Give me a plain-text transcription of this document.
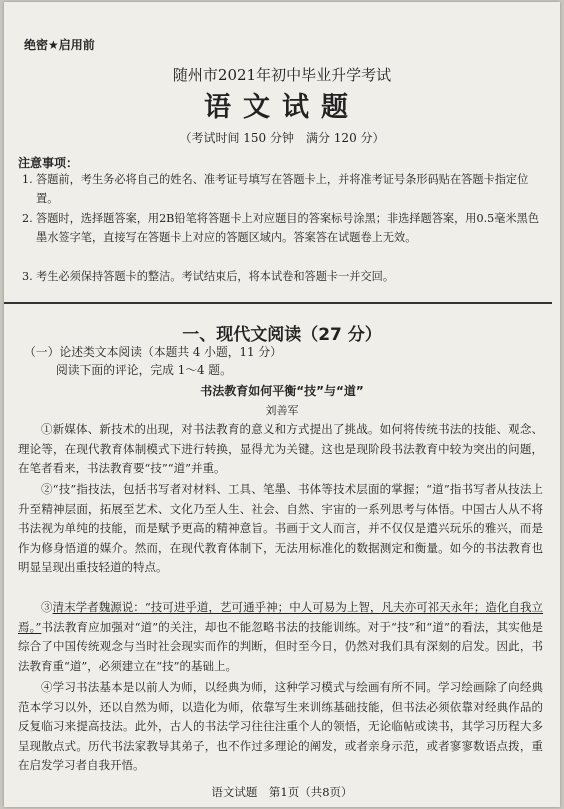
绝密★启用前
随州市2021年初中毕业升学考试
语文试题
（考试时间 150 分钟　满分 120 分）
注意事项：
1. 答题前，考生务必将自己的姓名、准考证号填写在答题卡上，并将准考证号条形码贴在答题卡指定位置。
2. 答题时，选择题答案，用2B铅笔将答题卡上对应题目的答案标号涂黑；非选择题答案，用0.5毫米黑色墨水签字笔，直接写在答题卡上对应的答题区域内。答案答在试题卷上无效。
3. 考生必须保持答题卡的整洁。考试结束后，将本试卷和答题卡一并交回。
一、现代文阅读（27 分）
（一）论述类文本阅读（本题共 4 小题，11 分）
阅读下面的评论，完成 1～4 题。
书法教育如何平衡“技”与“道”
刘善军
①新媒体、新技术的出现，对书法教育的意义和方式提出了挑战。如何将传统书法的技能、观念、理论等，在现代教育体制模式下进行转换，显得尤为关键。这也是现阶段书法教育中较为突出的问题，在笔者看来，书法教育要“技”“道”并重。
②“技”指技法，包括书写者对材料、工具、笔墨、书体等技术层面的掌握；“道”指书写者从技法上升至精神层面，拓展至艺术、文化乃至人生、社会、自然、宇宙的一系列思考与体悟。中国古人从不将书法视为单纯的技能，而是赋予更高的精神意旨。书画于文人而言，并不仅仅是遣兴玩乐的雅兴，而是作为修身悟道的媒介。然而，在现代教育体制下，无法用标准化的数据测定和衡量。如今的书法教育也明显呈现出重技轻道的特点。
③清末学者魏源说：“技可进乎道，艺可通乎神；中人可易为上智，凡夫亦可祁天永年；造化自我立焉。”书法教育应加强对“道”的关注，却也不能忽略书法的技能训练。对于“技”和“道”的看法，其实他是综合了中国传统观念与当时社会现实而作的判断，但时至今日，仍然对我们具有深刻的启发。因此，书法教育重“道”，必须建立在“技”的基础上。
④学习书法基本是以前人为师，以经典为师，这种学习模式与绘画有所不同。学习绘画除了向经典范本学习以外，还以自然为师，以造化为师，依靠写生来训练基础技能，但书法必须依靠对经典作品的反复临习来提高技法。此外，古人的书法学习往往注重个人的领悟，无论临帖或读书，其学习历程大多呈现散点式。历代书法家教导其弟子，也不作过多理论的阐发，或者亲身示范，或者寥寥数语点拨，重在启发学习者自我开悟。
语文试题　第1页（共8页）
